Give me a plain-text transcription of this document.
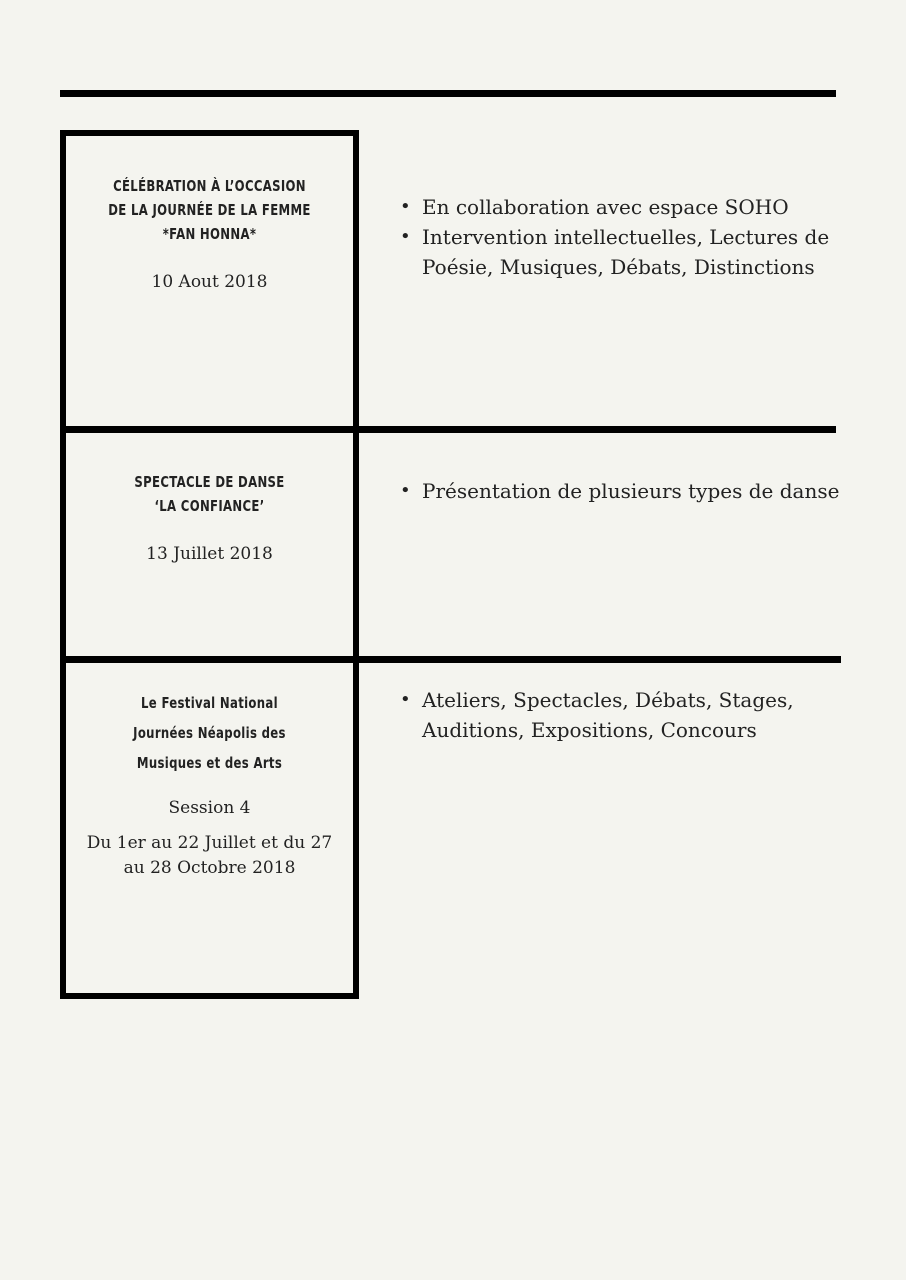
CÉLÉBRATION À L’OCCASION DE LA JOURNÉE DE LA FEMME *FAN HONNA*
10 Aout 2018
SPECTACLE DE DANSE ‘LA CONFIANCE’
13 Juillet 2018
Le Festival National Journées Néapolis des Musiques et des Arts
Session 4
Du 1er au 22 Juillet et du 27 au 28 Octobre 2018
• En collaboration avec espace SOHO
• Intervention intellectuelles, Lectures de Poésie, Musiques, Débats, Distinctions
• Présentation de plusieurs types de danse
• Ateliers, Spectacles, Débats, Stages, Auditions, Expositions, Concours
